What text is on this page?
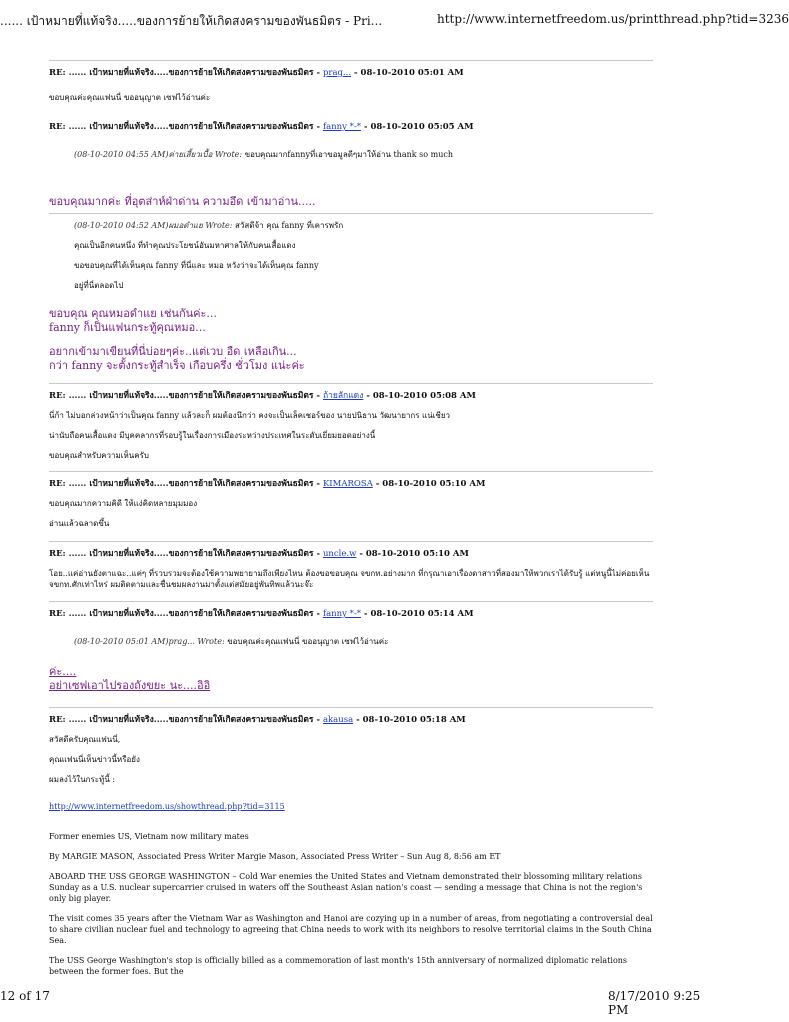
...... เป้าหมายที่แท้จริง.....ของการย้ายให้เกิดสงครามของพันธมิตร - Pri...	http://www.internetfreedom.us/printthread.php?tid=3236
RE: ...... เป้าหมายที่แท้จริง.....ของการย้ายให้เกิดสงครามของพันธมิตร - prag... - 08-10-2010 05:01 AM
ขอบคุณค่ะคุณแฟนนี่ ขออนุญาต เซฟไว้อ่านค่ะ
RE: ...... เป้าหมายที่แท้จริง.....ของการย้ายให้เกิดสงครามของพันธมิตร - fanny *-* - 08-10-2010 05:05 AM
(08-10-2010 04:55 AM)ค่ายเสี้ยวเบื้อ Wrote: ขอบคุณมากfannyที่เอาขอมูลดีๆมาให้อ่าน thank so much
ขอบคุณมากค่ะ ที่อุตส่าห์ฝ่าด่าน ความอึด เข้ามาอ่าน.....
(08-10-2010 04:52 AM)ผมอดำแย Wrote: สวัสดีจ้า คุณ fanny ที่เคารพรัก
คุณเป็นอีกคนหนึ่ง ที่ทำคุณประโยชน์อันมหาศาลให้กับคนเสื้อแดง
ขอขอบคุณที่ได้เห็นคุณ fanny ที่นี่และ หมอ หวังว่าจะได้เห็นคุณ fanny
อยู่ที่นี่ตลอดไป
ขอบคุณ คุณหมอดำแย เช่นกันค่ะ...
fanny ก็เป็นแฟนกระทู้คุณหมอ...
อยากเข้ามาเขียนที่นี่บ่อยๆค่ะ..แต่เวบ อืด เหลือเกิน...
กว่า fanny จะตั้งกระทู้สำเร็จ เกือบครึ่ง ชั่วโมง แน่ะค่ะ
RE: ...... เป้าหมายที่แท้จริง.....ของการย้ายให้เกิดสงครามของพันธมิตร - ถ้ายลักแดง - 08-10-2010 05:08 AM
นี่ก้า ไม่บอกล่วงหน้าว่าเป็นคุณ fanny แล้วละก็ ผมต้องนึกว่า คงจะเป็นเล็คเชอร์ของ นายปนิธาน วัฒนายากร แน่เชียว
น่านับถือคนเสื้อแดง มีบุคคลากรที่รอบรู้ในเรื่องการเมืองระหว่างประเทศในระดับเยี่ยมยอดอย่างนี้
ขอบคุณสำหรับความเห็นครับ
RE: ...... เป้าหมายที่แท้จริง.....ของการย้ายให้เกิดสงครามของพันธมิตร - KIMAROSA - 08-10-2010 05:10 AM
ขอบคุณมากความคิดี ให้แง่คิดหลายมุมมอง
อ่านแล้วฉลาดขึ้น
RE: ...... เป้าหมายที่แท้จริง.....ของการย้ายให้เกิดสงครามของพันธมิตร - uncle.w - 08-10-2010 05:10 AM
โอย..แค่อ่านยังตาแฉะ..แค่ๆ ที่รวบรวมจะต้องใช้ความพยายามถึงเพียงไหน ต้องขอขอบคุณ จขกท.อย่างมาก ที่กรุณาเอาเรื่องดาสาวที่สองมาให้พวกเราได้รับรู้ แต่หนูนี้ไม่ค่อยเห็น จขกท.ศักเท่าไหร่ ผมติดตามและชื่นชมผลงานมาตั้งแต่สมัยอยู่พันทิพแล้วนะจ๊ะ
RE: ...... เป้าหมายที่แท้จริง.....ของการย้ายให้เกิดสงครามของพันธมิตร - fanny *-* - 08-10-2010 05:14 AM
(08-10-2010 05:01 AM)prag... Wrote: ขอบคุณค่ะคุณแฟนนี่ ขออนุญาต เซฟไว้อ่านค่ะ
ค่ะ....
อย่าเซฟเอาไปรองถังขยะ นะ....อิอิ
RE: ...... เป้าหมายที่แท้จริง.....ของการย้ายให้เกิดสงครามของพันธมิตร - akausa - 08-10-2010 05:18 AM
สวัสดีครับคุณแฟนนี่,
คุณแฟนนี่เห็นข่าวนี้หรือยัง
ผมลงไว้ในกระทู้นี้ :
http://www.internetfreedom.us/showthread.php?tid=3115
Former enemies US, Vietnam now military mates
By MARGIE MASON, Associated Press Writer Margie Mason, Associated Press Writer – Sun Aug 8, 8:56 am ET
ABOARD THE USS GEORGE WASHINGTON – Cold War enemies the United States and Vietnam demonstrated their blossoming military relations Sunday as a U.S. nuclear supercarrier cruised in waters off the Southeast Asian nation's coast — sending a message that China is not the region's only big player.
The visit comes 35 years after the Vietnam War as Washington and Hanoi are cozying up in a number of areas, from negotiating a controversial deal to share civilian nuclear fuel and technology to agreeing that China needs to work with its neighbors to resolve territorial claims in the South China Sea.
The USS George Washington's stop is officially billed as a commemoration of last month's 15th anniversary of normalized diplomatic relations between the former foes. But the
12 of 17	8/17/2010 9:25 PM
